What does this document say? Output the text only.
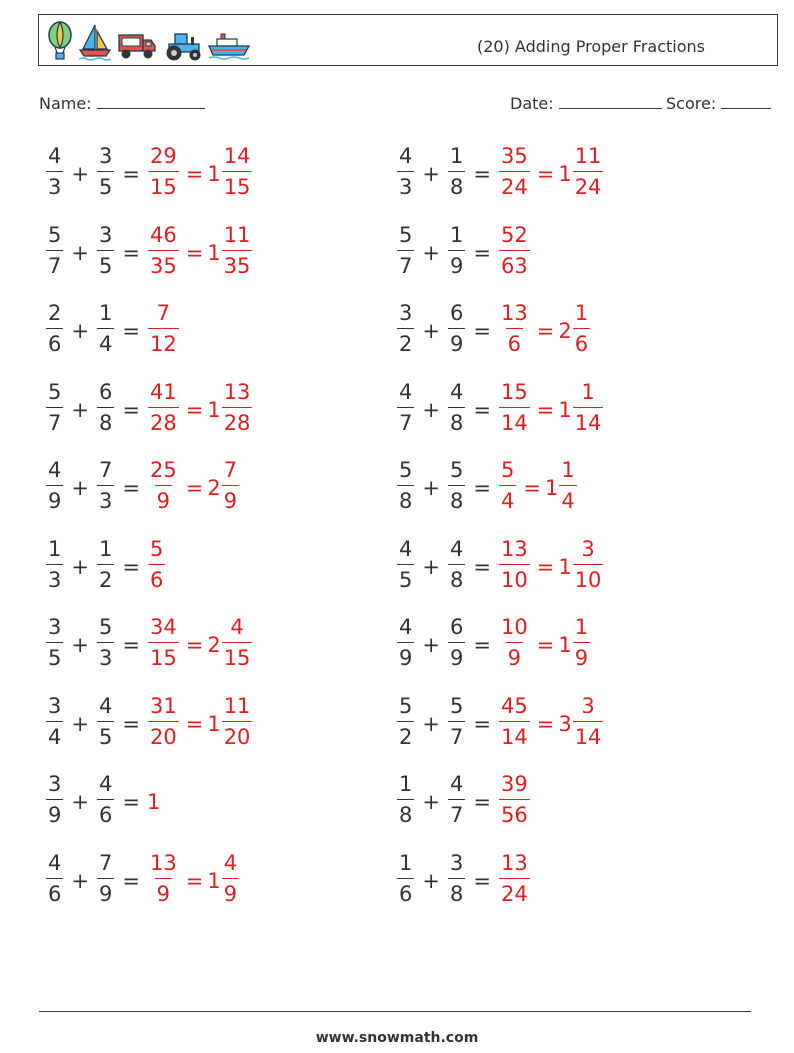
(20) Adding Proper Fractions
Name:	Date:	Score:
$\frac{4}{3} + \frac{3}{5} = \frac{29}{15} = 1 \frac{14}{15}$
$\frac{5}{7} + \frac{3}{5} = \frac{46}{35} = 1 \frac{11}{35}$
$\frac{2}{6} + \frac{1}{4} = \frac{7}{12}$
$\frac{5}{7} + \frac{6}{8} = \frac{41}{28} = 1 \frac{13}{28}$
$\frac{4}{9} + \frac{7}{3} = \frac{25}{9} = 2 \frac{7}{9}$
$\frac{1}{3} + \frac{1}{2} = \frac{5}{6}$
$\frac{3}{5} + \frac{5}{3} = \frac{34}{15} = 2 \frac{4}{15}$
$\frac{3}{4} + \frac{4}{5} = \frac{31}{20} = 1 \frac{11}{20}$
$\frac{3}{9} + \frac{4}{6} = 1$
$\frac{4}{6} + \frac{7}{9} = \frac{13}{9} = 1 \frac{4}{9}$
$\frac{4}{3} + \frac{1}{8} = \frac{35}{24} = 1 \frac{11}{24}$
$\frac{5}{7} + \frac{1}{9} = \frac{52}{63}$
$\frac{3}{2} + \frac{6}{9} = \frac{13}{6} = 2 \frac{1}{6}$
$\frac{4}{7} + \frac{4}{8} = \frac{15}{14} = 1 \frac{1}{14}$
$\frac{5}{8} + \frac{5}{8} = \frac{5}{4} = 1 \frac{1}{4}$
$\frac{4}{5} + \frac{4}{8} = \frac{13}{10} = 1 \frac{3}{10}$
$\frac{4}{9} + \frac{6}{9} = \frac{10}{9} = 1 \frac{1}{9}$
$\frac{5}{2} + \frac{5}{7} = \frac{45}{14} = 3 \frac{3}{14}$
$\frac{1}{8} + \frac{4}{7} = \frac{39}{56}$
$\frac{1}{6} + \frac{3}{8} = \frac{13}{24}$
www.snowmath.com
